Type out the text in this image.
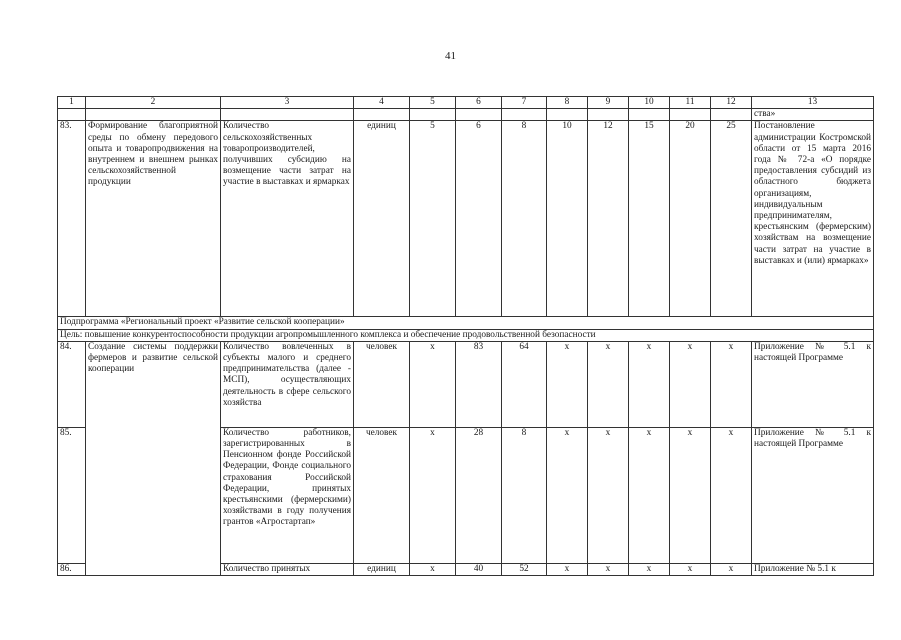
41
1	2	3	4	5	6	7	8	9	10	11	12	13
												ства»
83.	Формирование благоприятной среды по обмену передового опыта и товаропродвижения на внутреннем и внешнем рынках сельскохозяйственной продукции	Количество сельскохозяйственных товаропроизводителей, получивших субсидию на возмещение части затрат на участие в выставках и ярмарках	единиц	5	6	8	10	12	15	20	25	Постановление администрации Костромской области от 15 марта 2016 года № 72-а «О порядке предоставления субсидий из областного бюджета организациям, индивидуальным предпринимателям, крестьянским (фермерским) хозяйствам на возмещение части затрат на участие в выставках и (или) ярмарках»
Подпрограмма «Региональный проект «Развитие сельской кооперации»												
Цель: повышение конкурентоспособности продукции агропромышленного комплекса и обеспечение продовольственной безопасности												
84.	Создание системы поддержки фермеров и развитие сельской кооперации	Количество вовлеченных в субъекты малого и среднего предпринимательства (далее - МСП), осуществляющих деятельность в сфере сельского хозяйства	человек	х	83	64	х	х	х	х	х	Приложение № 5.1 к настоящей Программе
85.		Количество работников, зарегистрированных в Пенсионном фонде Российской Федерации, Фонде социального страхования Российской Федерации, принятых крестьянскими (фермерскими) хозяйствами в году получения грантов «Агростартап»	человек	х	28	8	х	х	х	х	х	Приложение № 5.1 к настоящей Программе
86.		Количество принятых	единиц	х	40	52	х	х	х	х	х	Приложение № 5.1 к
